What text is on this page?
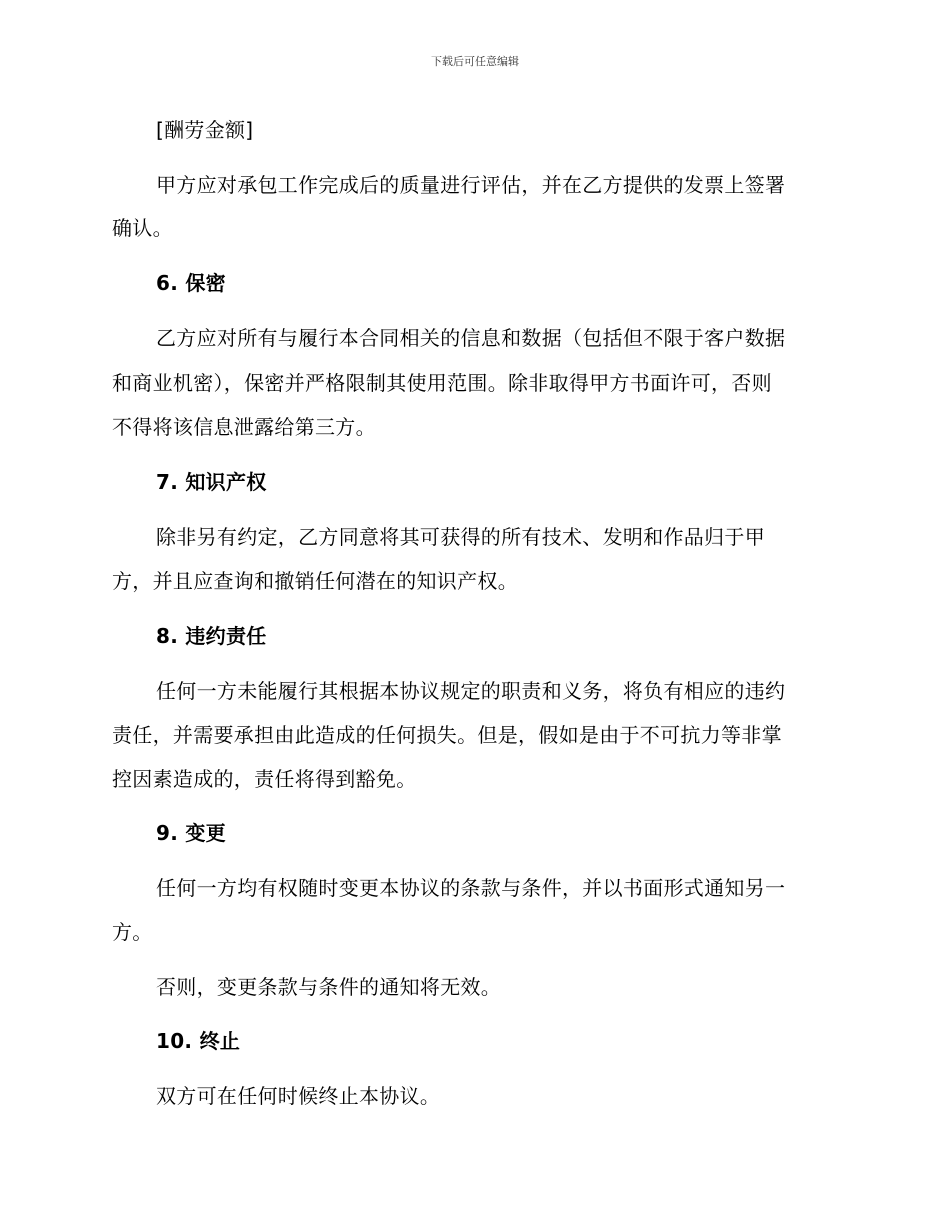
下载后可任意编辑
[酬劳金额]
甲方应对承包工作完成后的质量进行评估，并在乙方提供的发票上签署
确认。
6. 保密
乙方应对所有与履行本合同相关的信息和数据（包括但不限于客户数据
和商业机密），保密并严格限制其使用范围。除非取得甲方书面许可，否则
不得将该信息泄露给第三方。
7. 知识产权
除非另有约定，乙方同意将其可获得的所有技术、发明和作品归于甲
方，并且应查询和撤销任何潜在的知识产权。
8. 违约责任
任何一方未能履行其根据本协议规定的职责和义务，将负有相应的违约
责任，并需要承担由此造成的任何损失。但是，假如是由于不可抗力等非掌
控因素造成的，责任将得到豁免。
9. 变更
任何一方均有权随时变更本协议的条款与条件，并以书面形式通知另一
方。
否则，变更条款与条件的通知将无效。
10. 终止
双方可在任何时候终止本协议。
